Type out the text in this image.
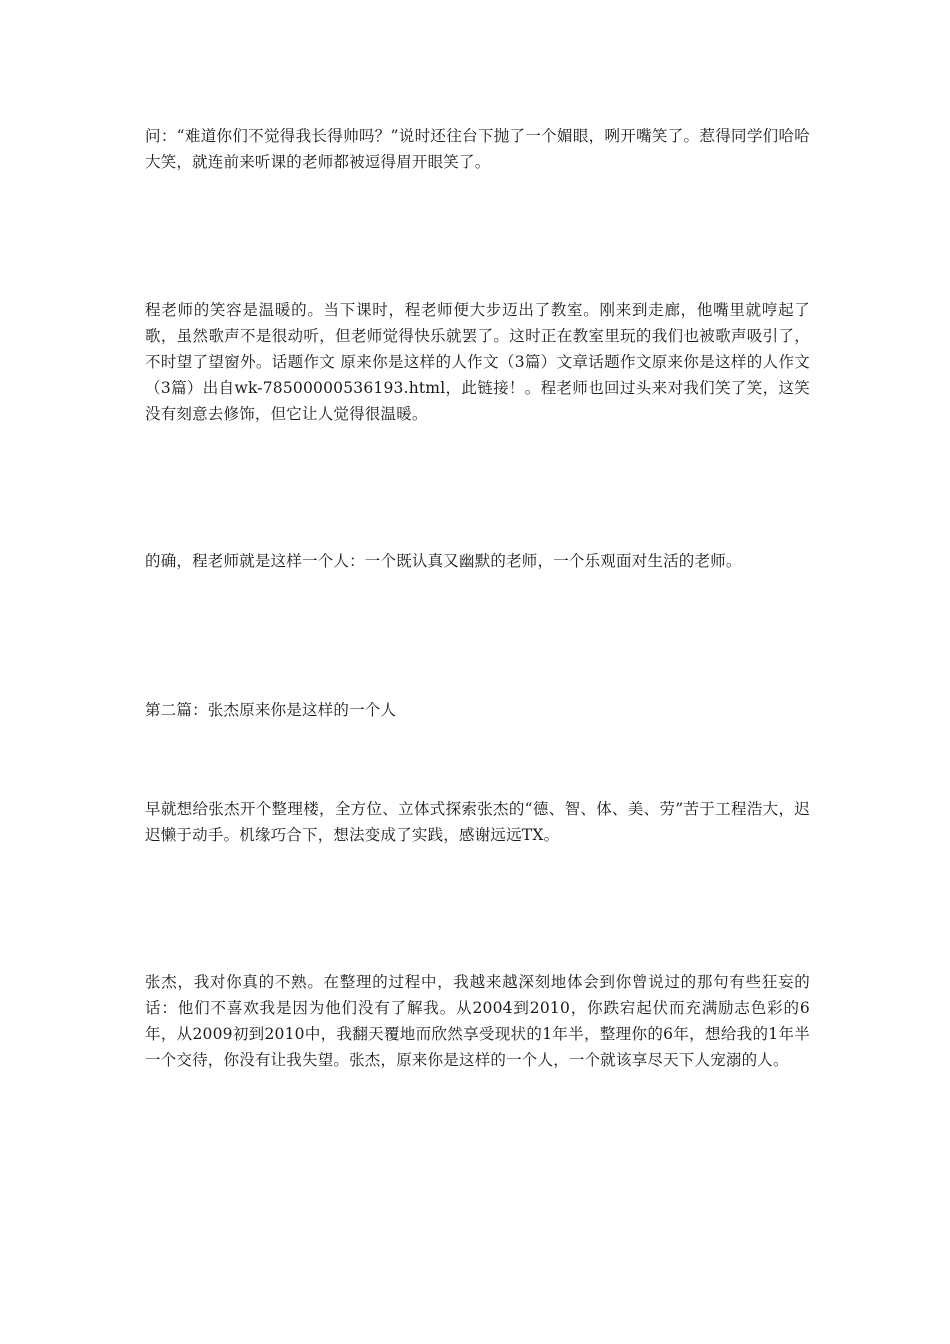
问：“难道你们不觉得我长得帅吗？”说时还往台下抛了一个媚眼，咧开嘴笑了。惹得同学们哈哈大笑，就连前来听课的老师都被逗得眉开眼笑了。

程老师的笑容是温暖的。当下课时，程老师便大步迈出了教室。刚来到走廊，他嘴里就哼起了歌，虽然歌声不是很动听，但老师觉得快乐就罢了。这时正在教室里玩的我们也被歌声吸引了，不时望了望窗外。话题作文 原来你是这样的人作文（3篇）文章话题作文原来你是这样的人作文（3篇）出自wk-78500000536193.html，此链接！。程老师也回过头来对我们笑了笑，这笑没有刻意去修饰，但它让人觉得很温暖。

的确，程老师就是这样一个人：一个既认真又幽默的老师，一个乐观面对生活的老师。

第二篇：张杰原来你是这样的一个人

早就想给张杰开个整理楼，全方位、立体式探索张杰的“德、智、体、美、劳”苦于工程浩大，迟迟懒于动手。机缘巧合下，想法变成了实践，感谢远远TX。

张杰，我对你真的不熟。在整理的过程中，我越来越深刻地体会到你曾说过的那句有些狂妄的话：他们不喜欢我是因为他们没有了解我。从2004到2010，你跌宕起伏而充满励志色彩的6年，从2009初到2010中，我翻天覆地而欣然享受现状的1年半，整理你的6年，想给我的1年半一个交待，你没有让我失望。张杰，原来你是这样的一个人，一个就该享尽天下人宠溺的人。
